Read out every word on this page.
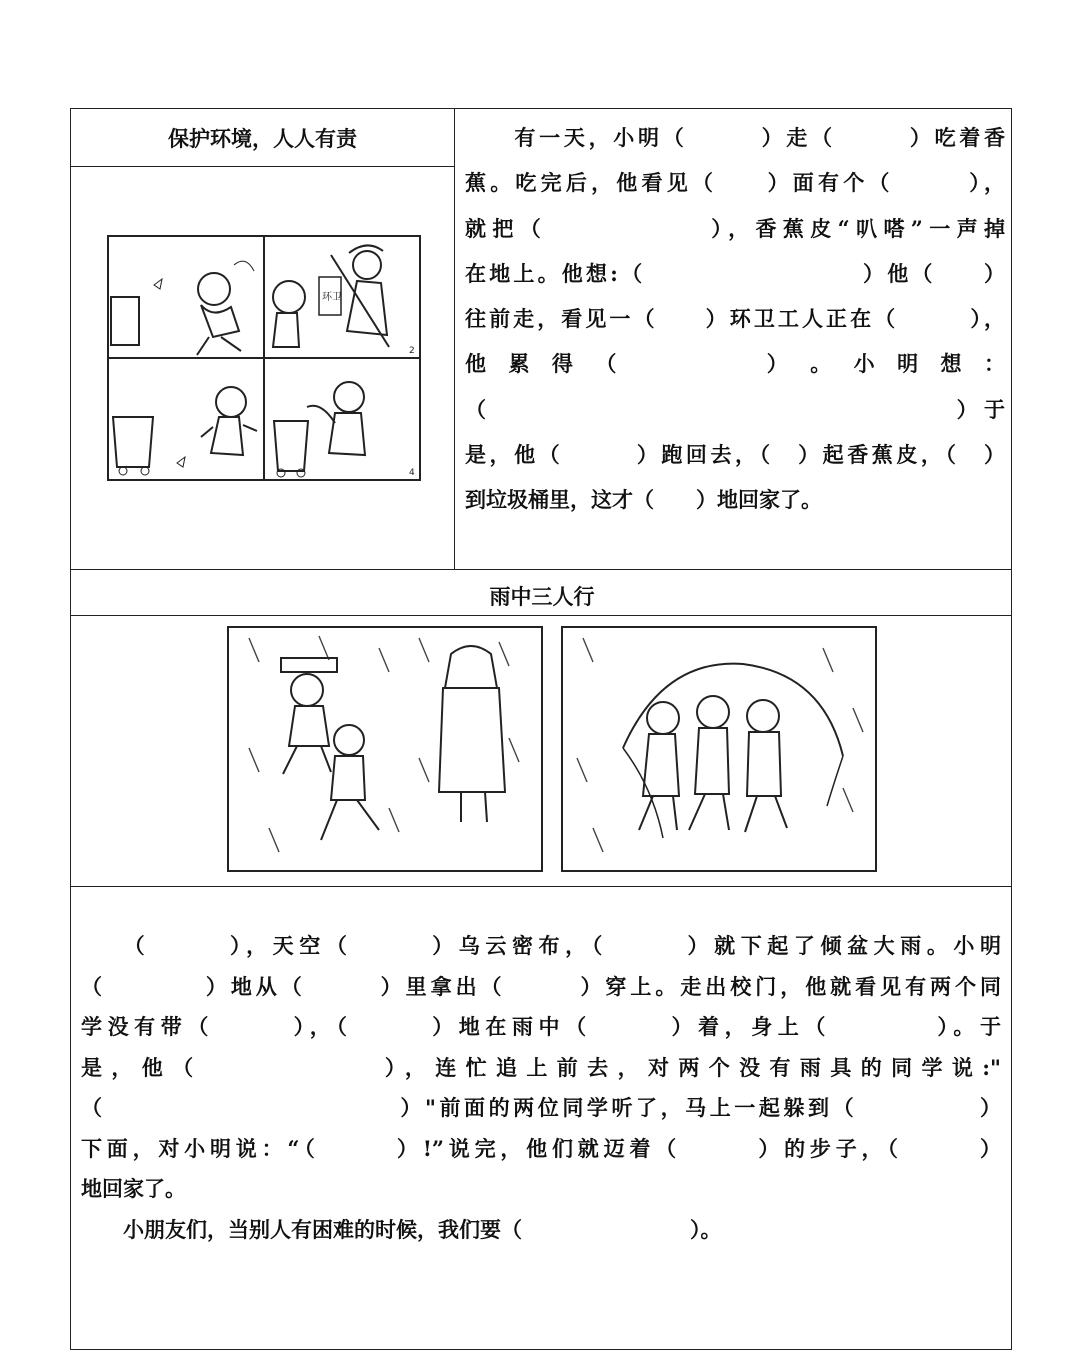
保护环境，人人有责
环卫
2
4
　　有一天，小明（　　　）走（　　　）吃着香
蕉。吃完后，他看见（　　）面有个（　　　），
就把（　　　　　　），香蕉皮“叭嗒”一声掉
在地上。他想:（　　　　　　　　　）他（　　）
往前走，看见一（　　）环卫工人正在（　　　），
他 累 得 （　　　　　） 。 小 明 想 ：
（　　　　　　　　　　　　　　　　　）于
是，他（　　　）跑回去，（　）起香蕉皮，（　）
到垃圾桶里，这才（　　）地回家了。
雨中三人行
　　（　　　），天空（　　　）乌云密布，（　　　）就下起了倾盆大雨。小明
（　　　　）地从（　　　）里拿出（　　　）穿上。走出校门，他就看见有两个同
学没有带（　　　），（　　　）地在雨中（　　　）着，身上（　　　　）。于
是，他（　　　　　　），连忙追上前去，对两个没有雨具的同学说:"
（　　　　　　　　　　　　）"前面的两位同学听了，马上一起躲到（　　　　　）
下面，对小明说：“（　　　）!”说完，他们就迈着（　　　）的步子，（　　　）
地回家了。
　　小朋友们，当别人有困难的时候，我们要（　　　　　　　　）。
